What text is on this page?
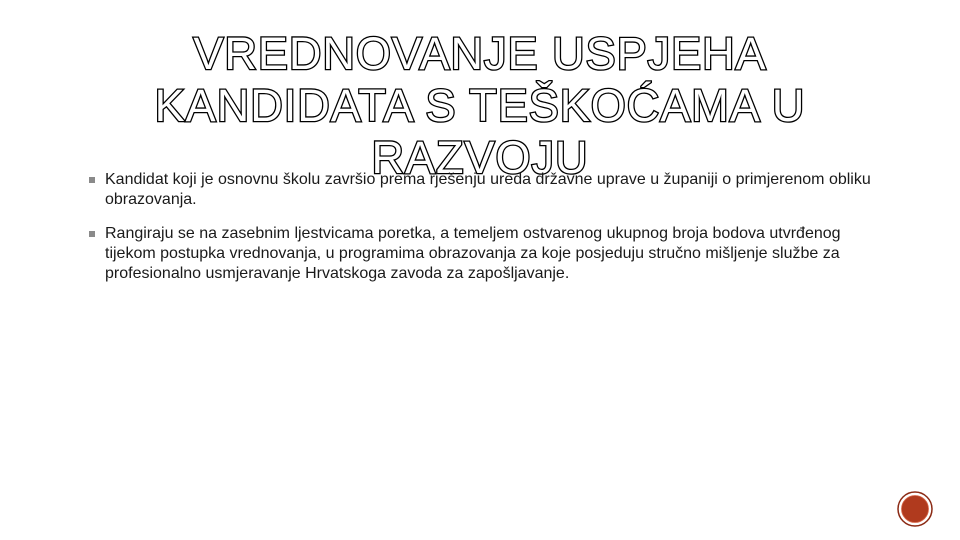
VREDNOVANJE USPJEHA
KANDIDATA S TEŠKOĆAMA U
RAZVOJU
Kandidat koji je osnovnu školu završio prema rješenju ureda državne uprave u županiji o primjerenom obliku obrazovanja.
Rangiraju se na zasebnim ljestvicama poretka, a temeljem ostvarenog ukupnog broja bodova utvrđenog tijekom postupka vrednovanja, u programima obrazovanja za koje posjeduju stručno mišljenje službe za profesionalno usmjeravanje Hrvatskoga zavoda za zapošljavanje.
